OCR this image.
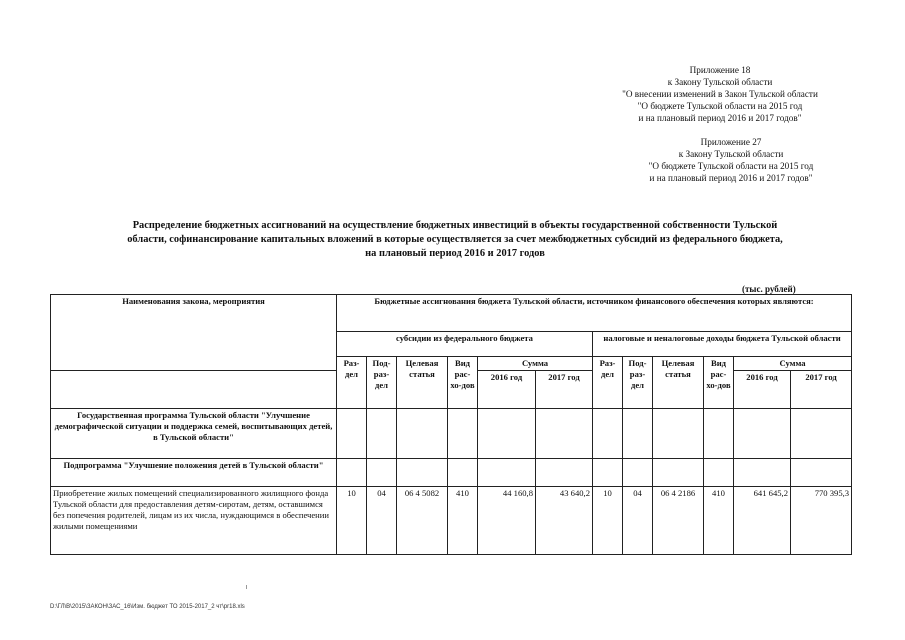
Приложение 18
к Закону Тульской области
"О внесении изменений в Закон Тульской области
"О бюджете Тульской области на 2015 год
и на плановый период 2016 и 2017 годов"
Приложение 27
к Закону Тульской области
"О бюджете Тульской области на 2015 год
и на плановый период 2016 и 2017 годов"
Распределение бюджетных ассигнований на осуществление бюджетных инвестиций в объекты государственной собственности Тульской
области, софинансирование капитальных вложений в которые осуществляется за счет межбюджетных субсидий из федерального бюджета,
на плановый период 2016 и 2017 годов
(тыс. рублей)
Наименования закона, мероприятия	Бюджетные ассигнования бюджета Тульской области, источником финансового обеспечения которых являются:											
	субсидии из федерального бюджета						налоговые и неналоговые доходы бюджета Тульской области					
	Раз-дел	Под-раз-дел	Целевая статья	Вид рас-хо-дов	Сумма		Раз-дел	Под-раз-дел	Целевая статья	Вид рас-хо-дов	Сумма	
					2016 год	2017 год					2016 год	2017 год
Государственная программа Тульской области "Улучшение демографической ситуации и поддержка семей, воспитывающих детей, в Тульской области"												
Подпрограмма "Улучшение положения детей в Тульской области"												
Приобретение жилых помещений специализированного жилищного фонда Тульской области для предоставления детям-сиротам, детям, оставшимся без попечения родителей, лицам из их числа, нуждающимся в обеспечении жилыми помещениями	10	04	06 4 5082	410	44 160,8	43 640,2	10	04	06 4 2186	410	641 645,2	770 395,3
D:\ГЛ\В\2015\ЗАКОН\ЗАС_16\Изм. бюджет ТО 2015-2017_2 чт\pr18.xls
